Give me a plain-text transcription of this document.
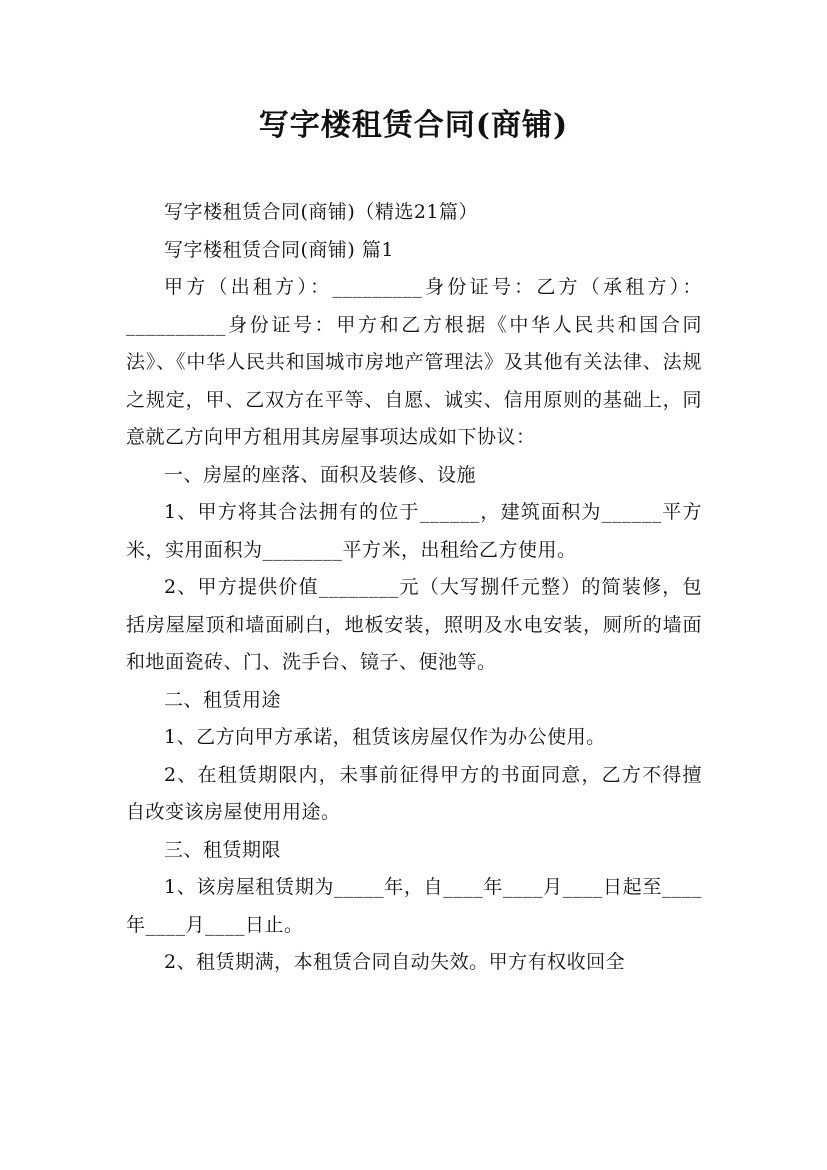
写字楼租赁合同(商铺)

写字楼租赁合同(商铺)（精选21篇）

写字楼租赁合同(商铺) 篇1

甲方（出租方）：_________身份证号：乙方（承租方）：__________身份证号：甲方和乙方根据《中华人民共和国合同法》、《中华人民共和国城市房地产管理法》及其他有关法律、法规之规定，甲、乙双方在平等、自愿、诚实、信用原则的基础上，同意就乙方向甲方租用其房屋事项达成如下协议：

一、房屋的座落、面积及装修、设施

1、甲方将其合法拥有的位于______，建筑面积为______平方米，实用面积为________平方米，出租给乙方使用。

2、甲方提供价值________元（大写捌仟元整）的简装修，包括房屋屋顶和墙面刷白，地板安装，照明及水电安装，厕所的墙面和地面瓷砖、门、洗手台、镜子、便池等。

二、租赁用途

1、乙方向甲方承诺，租赁该房屋仅作为办公使用。

2、在租赁期限内，未事前征得甲方的书面同意，乙方不得擅自改变该房屋使用用途。

三、租赁期限

1、该房屋租赁期为_____年，自____年____月____日起至____年____月____日止。

2、租赁期满，本租赁合同自动失效。甲方有权收回全
